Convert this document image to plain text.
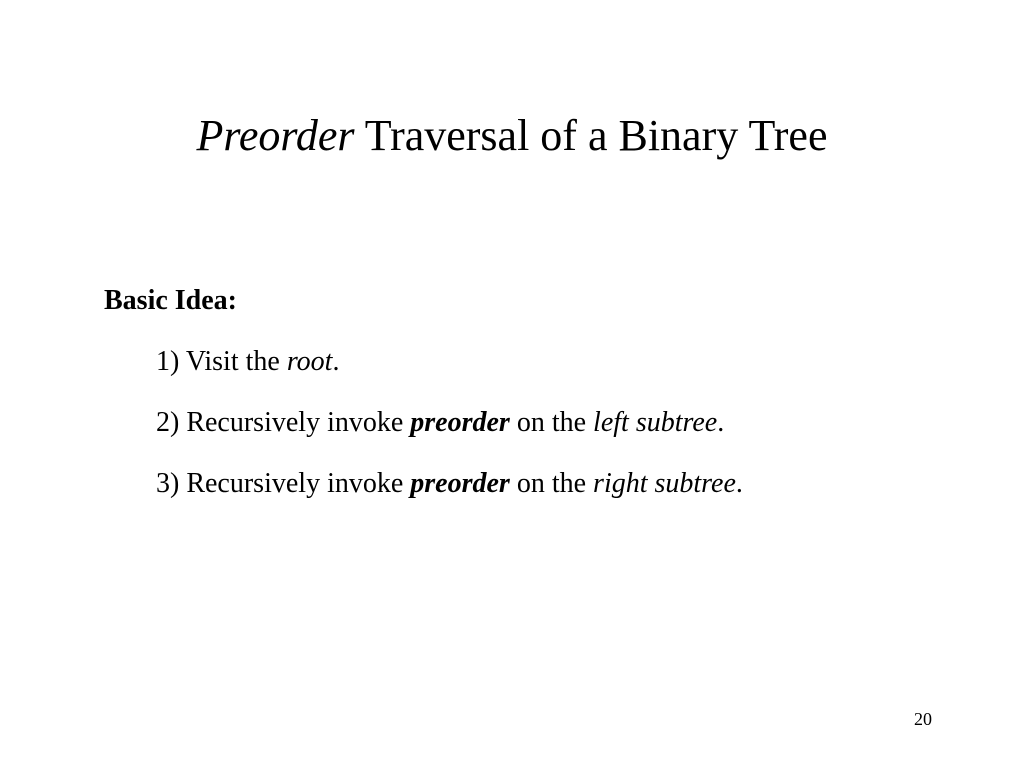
Preorder Traversal of a Binary Tree
Basic Idea:
1) Visit the root.
2) Recursively invoke preorder on the left subtree.
3) Recursively invoke preorder on the right subtree.
20
